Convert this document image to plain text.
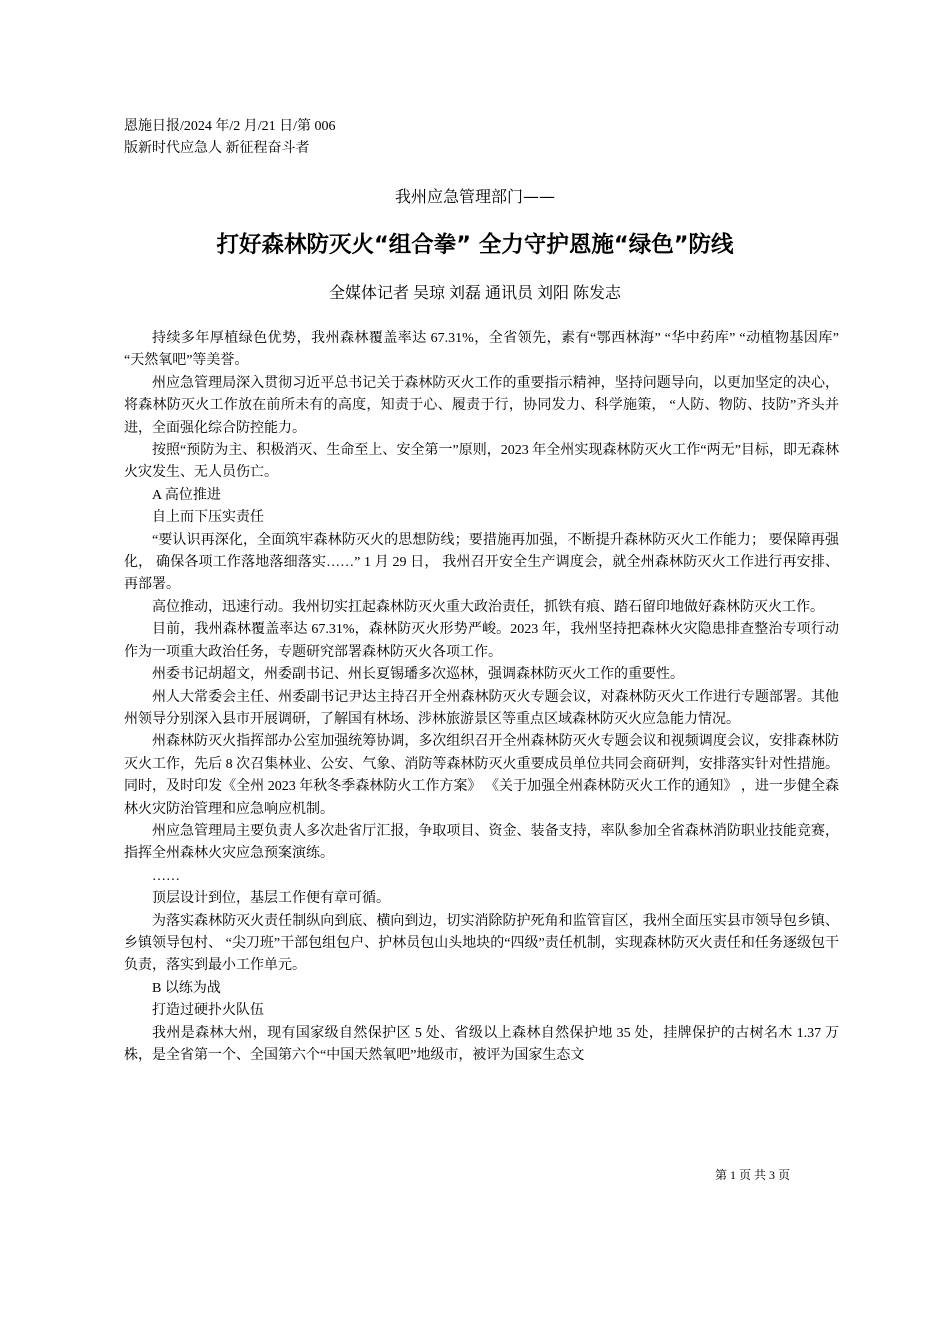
恩施日报/2024 年/2 月/21 日/第 006
版新时代应急人 新征程奋斗者
我州应急管理部门——
打好森林防灭火“组合拳” 全力守护恩施“绿色”防线
全媒体记者 吴琼 刘磊 通讯员 刘阳 陈发志

持续多年厚植绿色优势，我州森林覆盖率达 67.31%，全省领先，素有“鄂西林海” “华中药库” “动植物基因库” “天然氧吧”等美誉。

州应急管理局深入贯彻习近平总书记关于森林防灭火工作的重要指示精神，坚持问题导向，以更加坚定的决心，将森林防灭火工作放在前所未有的高度，知责于心、履责于行，协同发力、科学施策， “人防、物防、技防”齐头并进，全面强化综合防控能力。

按照“预防为主、积极消灭、生命至上、安全第一”原则，2023 年全州实现森林防灭火工作“两无”目标，即无森林火灾发生、无人员伤亡。

A 高位推进

自上而下压实责任

“要认识再深化，全面筑牢森林防灭火的思想防线；要措施再加强，不断提升森林防灭火工作能力； 要保障再强化， 确保各项工作落地落细落实……” 1 月 29 日， 我州召开安全生产调度会，就全州森林防灭火工作进行再安排、再部署。

高位推动，迅速行动。我州切实扛起森林防灭火重大政治责任，抓铁有痕、踏石留印地做好森林防灭火工作。

目前，我州森林覆盖率达 67.31%，森林防灭火形势严峻。2023 年，我州坚持把森林火灾隐患排查整治专项行动作为一项重大政治任务，专题研究部署森林防灭火各项工作。

州委书记胡超文，州委副书记、州长夏锡璠多次巡林，强调森林防灭火工作的重要性。

州人大常委会主任、州委副书记尹达主持召开全州森林防灭火专题会议，对森林防灭火工作进行专题部署。其他州领导分别深入县市开展调研，了解国有林场、涉林旅游景区等重点区域森林防灭火应急能力情况。

州森林防灭火指挥部办公室加强统筹协调，多次组织召开全州森林防灭火专题会议和视频调度会议，安排森林防灭火工作，先后 8 次召集林业、公安、气象、消防等森林防灭火重要成员单位共同会商研判，安排落实针对性措施。同时，及时印发《全州 2023 年秋冬季森林防火工作方案》 《关于加强全州森林防灭火工作的通知》 ，进一步健全森林火灾防治管理和应急响应机制。

州应急管理局主要负责人多次赴省厅汇报，争取项目、资金、装备支持，率队参加全省森林消防职业技能竞赛，指挥全州森林火灾应急预案演练。

……

顶层设计到位，基层工作便有章可循。

为落实森林防灭火责任制纵向到底、横向到边，切实消除防护死角和监管盲区，我州全面压实县市领导包乡镇、乡镇领导包村、 “尖刀班”干部包组包户、护林员包山头地块的“四级”责任机制，实现森林防灭火责任和任务逐级包干负责，落实到最小工作单元。

B 以练为战

打造过硬扑火队伍

我州是森林大州，现有国家级自然保护区 5 处、省级以上森林自然保护地 35 处，挂牌保护的古树名木 1.37 万株，是全省第一个、全国第六个“中国天然氧吧”地级市，被评为国家生态文

第 1 页 共 3 页
